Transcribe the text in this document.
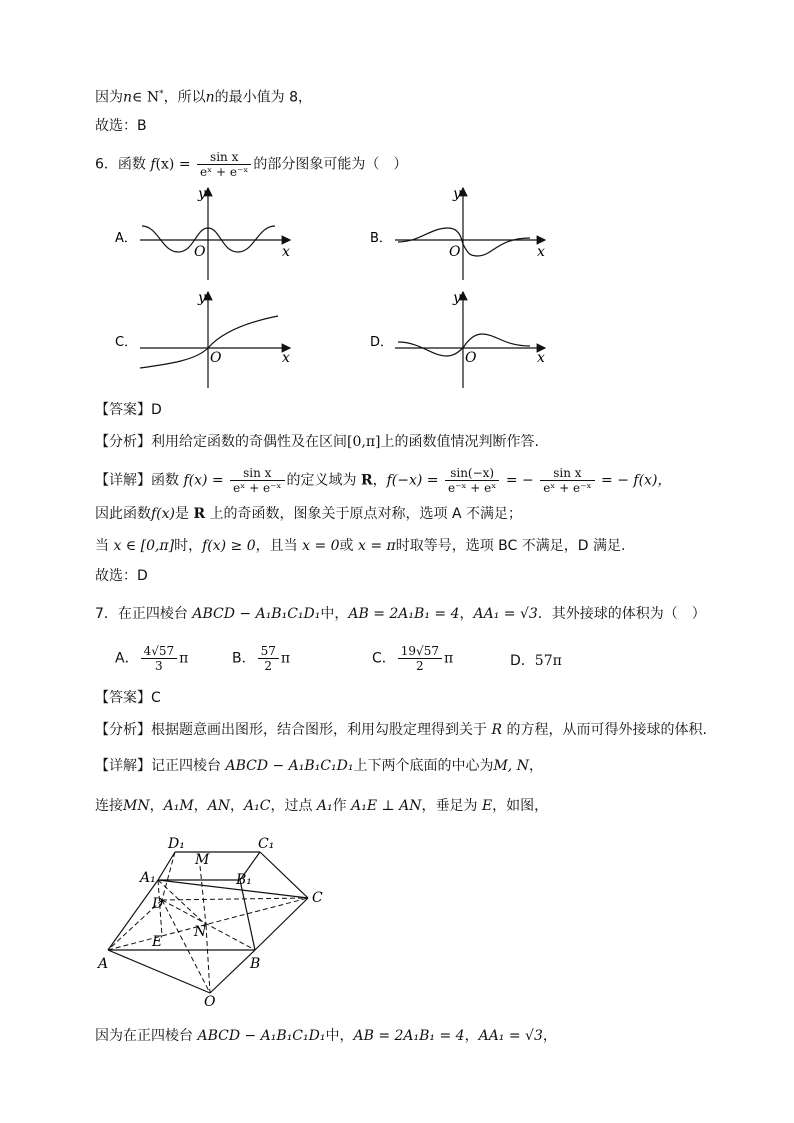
因为n∈ N*，所以n的最小值为 8，
故选：B
6．函数 $f(x) = \frac{\text{sin x}}{\text{eˣ + e⁻ˣ}}$ 的部分图象可能为（　）
A．
y
O	x
B．
y
O	x
C．
y
O	x
D．
y
O	x
【答案】D
【分析】利用给定函数的奇偶性及在区间[0,π]上的函数值情况判断作答.
【详解】函数 $f(x) = \frac{\text{sin x}}{\text{eˣ + e⁻ˣ}}$ 的定义域为 R，$f(-x) = \frac{\sin(-x)}{\text{e⁻ˣ + eˣ}}$ = − $\frac{\text{sin x}}{\text{eˣ + e⁻ˣ}}$ = − f(x)，
因此函数f(x)是 R 上的奇函数，图象关于原点对称，选项 A 不满足；
当 x ∈ [0,π]时，f(x) ≥ 0，且当 x = 0或 x = π时取等号，选项 BC 不满足，D 满足.
故选：D
7．在正四棱台 ABCD − A₁B₁C₁D₁中，AB = 2A₁B₁ = 4，AA₁ = √3．其外接球的体积为（　）
A． $\frac{4√57}{3}$ π	B． $\frac{57}{2}$ π	C． $\frac{19√57}{2}$ π	D．57π
【答案】C
【分析】根据题意画出图形，结合图形，利用勾股定理得到关于 R 的方程，从而可得外接球的体积.
【详解】记正四棱台 ABCD − A₁B₁C₁D₁上下两个底面的中心为M, N，
连接MN，A₁M，AN，A₁C，过点 A₁作 A₁E ⊥ AN，垂足为 E，如图，
D₁	C₁
M
A₁	B₁
D	C
E
N
A	B
O
因为在正四棱台 ABCD − A₁B₁C₁D₁中，AB = 2A₁B₁ = 4，AA₁ = √3，
